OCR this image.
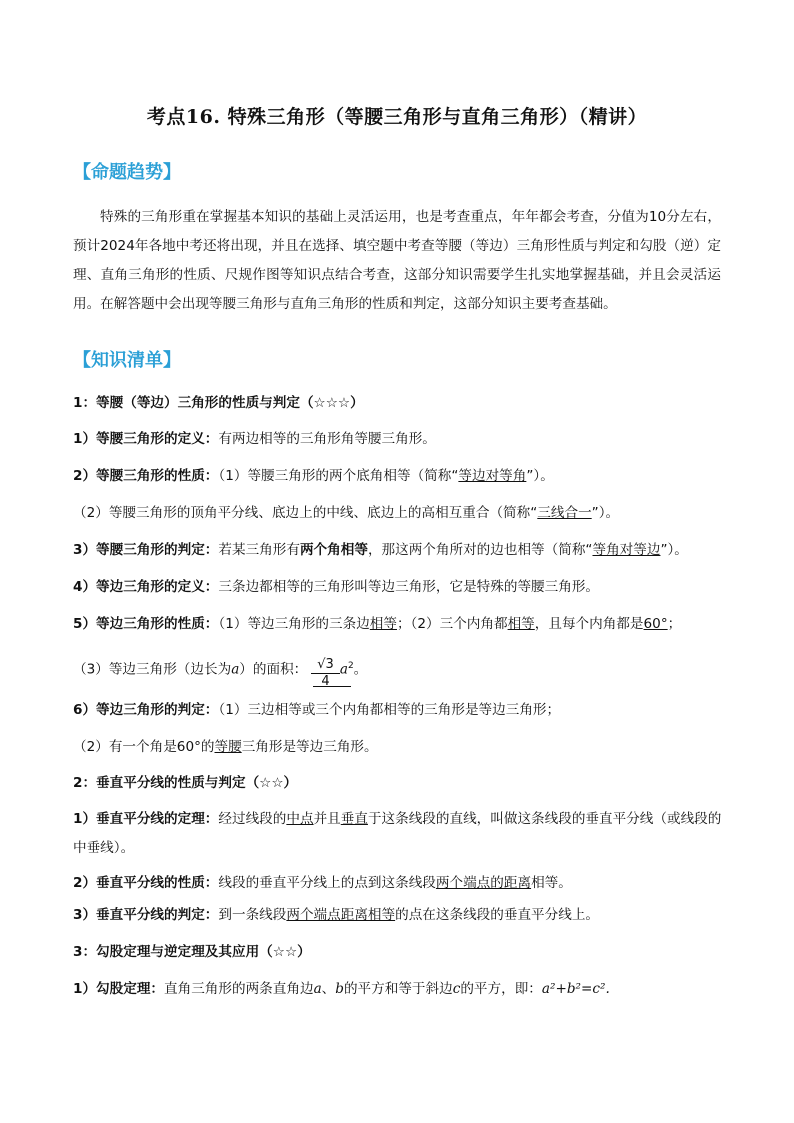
考点16. 特殊三角形（等腰三角形与直角三角形）（精讲）
【命题趋势】
特殊的三角形重在掌握基本知识的基础上灵活运用，也是考查重点，年年都会考查，分值为10分左右，预计2024年各地中考还将出现，并且在选择、填空题中考查等腰（等边）三角形性质与判定和勾股（逆）定理、直角三角形的性质、尺规作图等知识点结合考查，这部分知识需要学生扎实地掌握基础，并且会灵活运用。在解答题中会出现等腰三角形与直角三角形的性质和判定，这部分知识主要考查基础。
【知识清单】
1：等腰（等边）三角形的性质与判定（☆☆☆）
1）等腰三角形的定义：有两边相等的三角形角等腰三角形。
2）等腰三角形的性质：（1）等腰三角形的两个底角相等（简称“等边对等角”）。
（2）等腰三角形的顶角平分线、底边上的中线、底边上的高相互重合（简称“三线合一”）。
3）等腰三角形的判定：若某三角形有两个角相等，那这两个角所对的边也相等（简称“等角对等边”）。
4）等边三角形的定义：三条边都相等的三角形叫等边三角形，它是特殊的等腰三角形。
5）等边三角形的性质：（1）等边三角形的三条边相等；（2）三个内角都相等，且每个内角都是60°；
（3）等边三角形（边长为a）的面积： $\frac{√3}{4} a^2$。
6）等边三角形的判定：（1）三边相等或三个内角都相等的三角形是等边三角形；
（2）有一个角是60°的等腰三角形是等边三角形。
2：垂直平分线的性质与判定（☆☆）
1）垂直平分线的定理：经过线段的中点并且垂直于这条线段的直线，叫做这条线段的垂直平分线（或线段的中垂线）。
2）垂直平分线的性质：线段的垂直平分线上的点到这条线段两个端点的距离相等。
3）垂直平分线的判定：到一条线段两个端点距离相等的点在这条线段的垂直平分线上。
3：勾股定理与逆定理及其应用（☆☆）
1）勾股定理：直角三角形的两条直角边a、b的平方和等于斜边c的平方，即：a²+b²=c².
